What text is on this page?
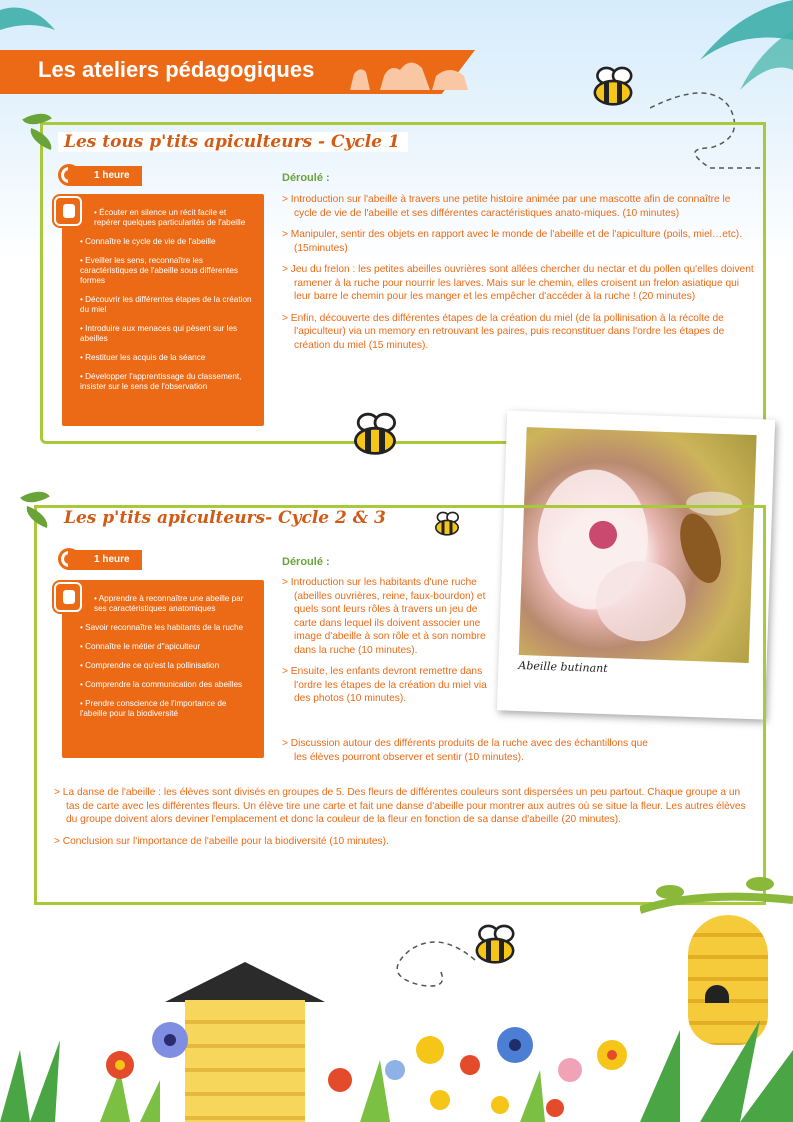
Les ateliers pédagogiques
Les tous p'tits apiculteurs - Cycle 1
1 heure
• Écouter en silence un récit facile et repérer quelques particularités de l'abeille
• Connaître le cycle de vie de l'abeille
• Eveiller les sens, reconnaître les caractéristiques de l'abeille sous différentes formes
• Découvrir les différentes étapes de la création du miel
• Introduire aux menaces qui pèsent sur les abeilles
• Restituer les acquis de la séance
• Développer l'apprentissage du classement, insister sur le sens de l'observation
Déroulé :
> Introduction sur l'abeille à travers une petite histoire animée par une mascotte afin de connaître le cycle de vie de l'abeille et ses différentes caractéristiques anato-miques. (10 minutes)
> Manipuler, sentir des objets en rapport avec le monde de l'abeille et de l'apiculture (poils, miel…etc). (15minutes)
> Jeu du frelon : les petites abeilles ouvrières sont allées chercher du nectar et du pollen qu'elles doivent ramener à la ruche pour nourrir les larves. Mais sur le chemin, elles croisent un frelon asiatique qui leur barre le chemin pour les manger et les empêcher d'accéder à la ruche ! (20 minutes)
> Enfin, découverte des différentes étapes de la création du miel (de la pollinisation à la récolte de l'apiculteur) via un memory en retrouvant les paires, puis reconstituer dans l'ordre les étapes de création du miel (15 minutes).
Abeille butinant
Les p'tits apiculteurs- Cycle 2 & 3
1 heure
• Apprendre à reconnaître une abeille par ses caractéristiques anatomiques
• Savoir reconnaître les habitants de la ruche
• Connaître le métier d''apiculteur
• Comprendre ce qu'est la pollinisation
• Comprendre la communication des abeilles
• Prendre conscience de l'importance de l'abeille pour la biodiversité
Déroulé :
> Introduction sur les habitants d'une ruche (abeilles ouvrières, reine, faux-bourdon) et quels sont leurs rôles à travers un jeu de carte dans lequel ils doivent associer une image d'abeille à son rôle et à son nombre dans la ruche (10 minutes).
> Ensuite, les enfants devront remettre dans l'ordre les étapes de la création du miel via des photos (10 minutes).
> Discussion autour des différents produits de la ruche avec des échantillons que les élèves pourront observer et sentir (10 minutes).
> La danse de l'abeille : les élèves sont divisés en groupes de 5. Des fleurs de différentes couleurs sont dispersées un peu partout. Chaque groupe a un tas de carte avec les différentes fleurs. Un élève tire une carte et fait une danse d'abeille pour montrer aux autres où se situe la fleur. Les autres élèves du groupe doivent alors deviner l'emplacement et donc la couleur de la fleur en fonction de sa danse d'abeille (20 minutes).
> Conclusion sur l'importance de l'abeille pour la biodiversité (10 minutes).
